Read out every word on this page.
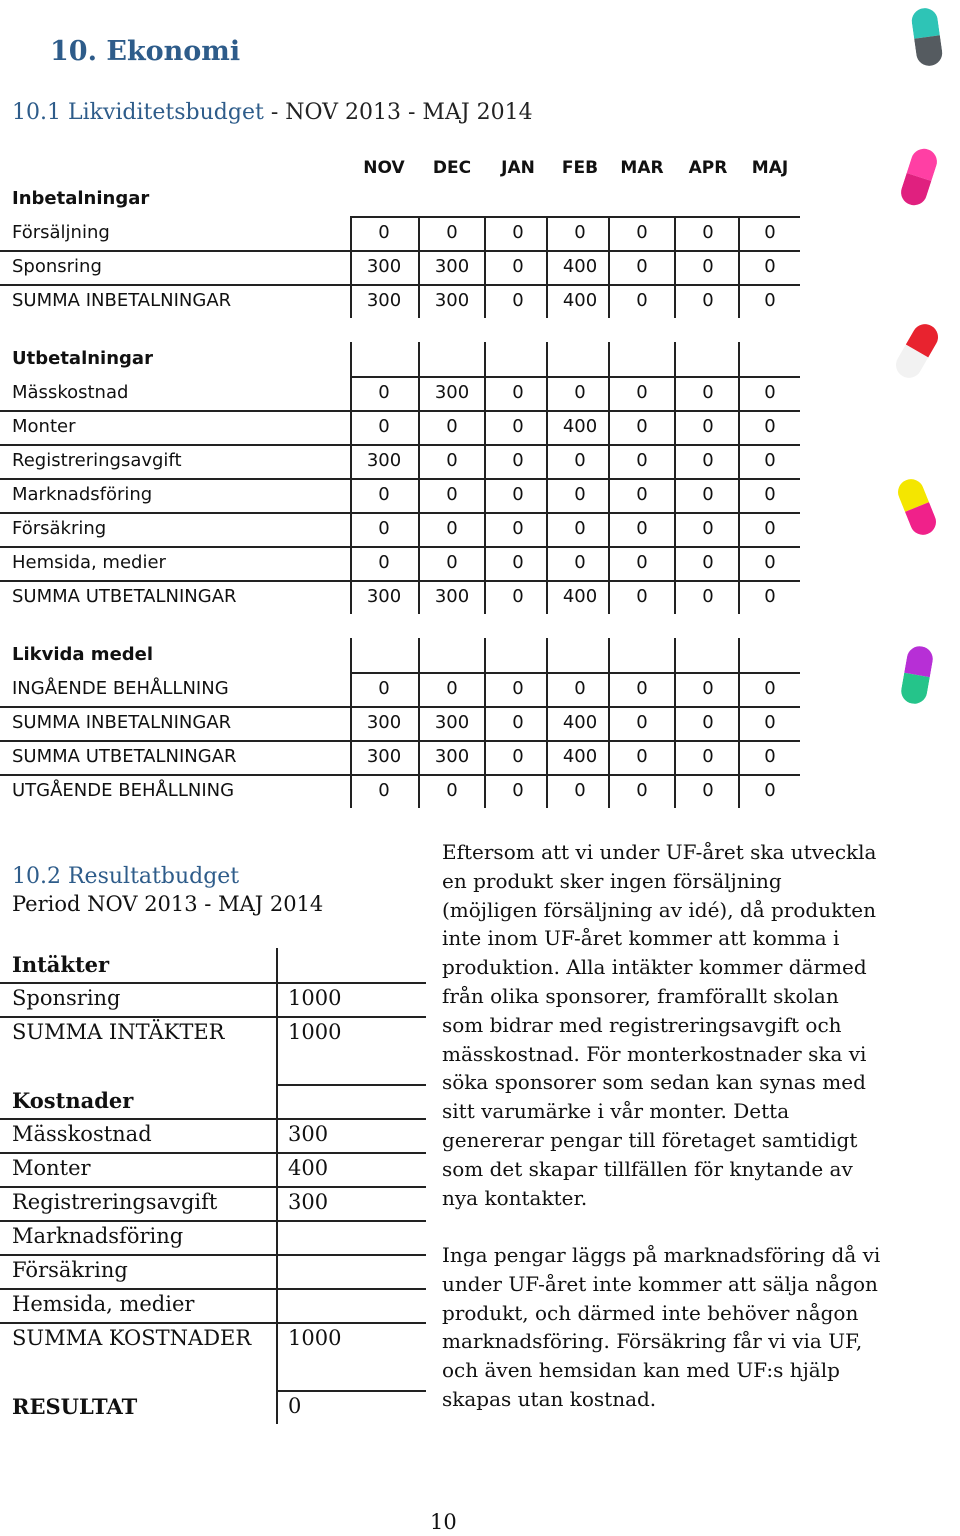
10. Ekonomi
10.1 Likviditetsbudget - NOV 2013 - MAJ 2014
NOV	DEC	JAN	FEB	MAR	APR	MAJ
Inbetalningar
Försäljning	0	0	0	0	0	0	0
Sponsring	300	300	0	400	0	0	0
SUMMA INBETALNINGAR	300	300	0	400	0	0	0
Utbetalningar
Mässkostnad	0	300	0	0	0	0	0
Monter	0	0	0	400	0	0	0
Registreringsavgift	300	0	0	0	0	0	0
Marknadsföring	0	0	0	0	0	0	0
Försäkring	0	0	0	0	0	0	0
Hemsida, medier	0	0	0	0	0	0	0
SUMMA UTBETALNINGAR	300	300	0	400	0	0	0
Likvida medel
INGÅENDE BEHÅLLNING	0	0	0	0	0	0	0
SUMMA INBETALNINGAR	300	300	0	400	0	0	0
SUMMA UTBETALNINGAR	300	300	0	400	0	0	0
UTGÅENDE BEHÅLLNING	0	0	0	0	0	0	0
10.2 Resultatbudget
Period NOV 2013 - MAJ 2014
Intäkter
Sponsring	1000
SUMMA INTÄKTER	1000
Kostnader
Mässkostnad	300
Monter	400
Registreringsavgift	300
Marknadsföring
Försäkring
Hemsida, medier
SUMMA KOSTNADER 1000
RESULTAT	0
Eftersom att vi under UF-året ska utveckla
en produkt sker ingen försäljning
(möjligen försäljning av idé), då produkten
inte inom UF-året kommer att komma i
produktion. Alla intäkter kommer därmed
från olika sponsorer, framförallt skolan
som bidrar med registreringsavgift och
mässkostnad. För monterkostnader ska vi
söka sponsorer som sedan kan synas med
sitt varumärke i vår monter. Detta
genererar pengar till företaget samtidigt
som det skapar tillfällen för knytande av
nya kontakter.
Inga pengar läggs på marknadsföring då vi
under UF-året inte kommer att sälja någon
produkt, och därmed inte behöver någon
marknadsföring. Försäkring får vi via UF,
och även hemsidan kan med UF:s hjälp
skapas utan kostnad.
10
